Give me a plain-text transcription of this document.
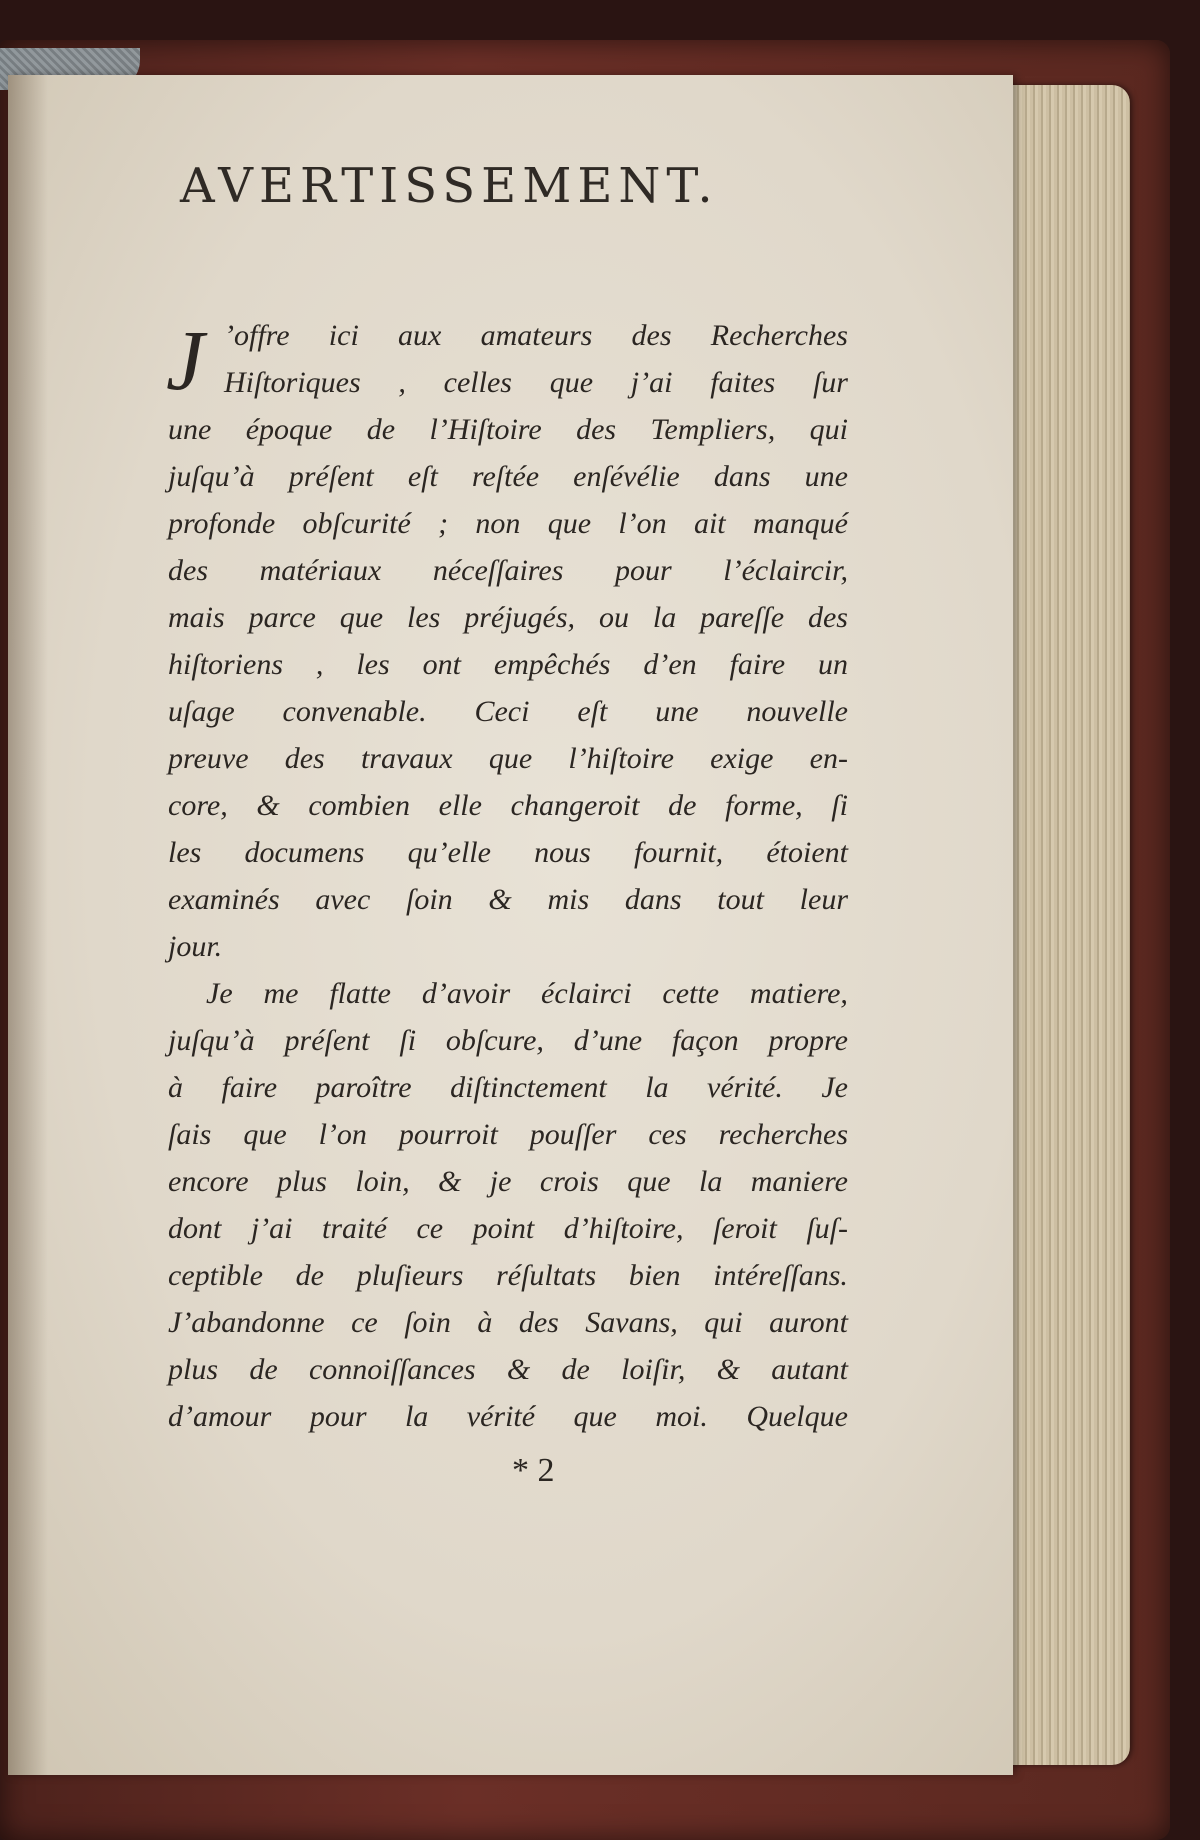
AVERTISSEMENT.
J ’offre ici aux amateurs des Recherches
Hiſtoriques , celles que j’ai faites ſur
une époque de l’Hiſtoire des Templiers, qui
juſqu’à préſent eſt reſtée enſévélie dans une
profonde obſcurité ; non que l’on ait manqué
des matériaux néceſſaires pour l’éclaircir,
mais parce que les préjugés, ou la pareſſe des
hiſtoriens , les ont empêchés d’en faire un
uſage convenable. Ceci eſt une nouvelle
preuve des travaux que l’hiſtoire exige en-
core, & combien elle changeroit de forme, ſi
les documens qu’elle nous fournit, étoient
examinés avec ſoin & mis dans tout leur
jour.
Je me flatte d’avoir éclairci cette matiere,
juſqu’à préſent ſi obſcure, d’une façon propre
à faire paroître diſtinctement la vérité. Je
ſais que l’on pourroit pouſſer ces recherches
encore plus loin, & je crois que la maniere
dont j’ai traité ce point d’hiſtoire, ſeroit ſuſ-
ceptible de pluſieurs réſultats bien intéreſſans.
J’abandonne ce ſoin à des Savans, qui auront
plus de connoiſſances & de loiſir, & autant
d’amour pour la vérité que moi. Quelque
* 2
